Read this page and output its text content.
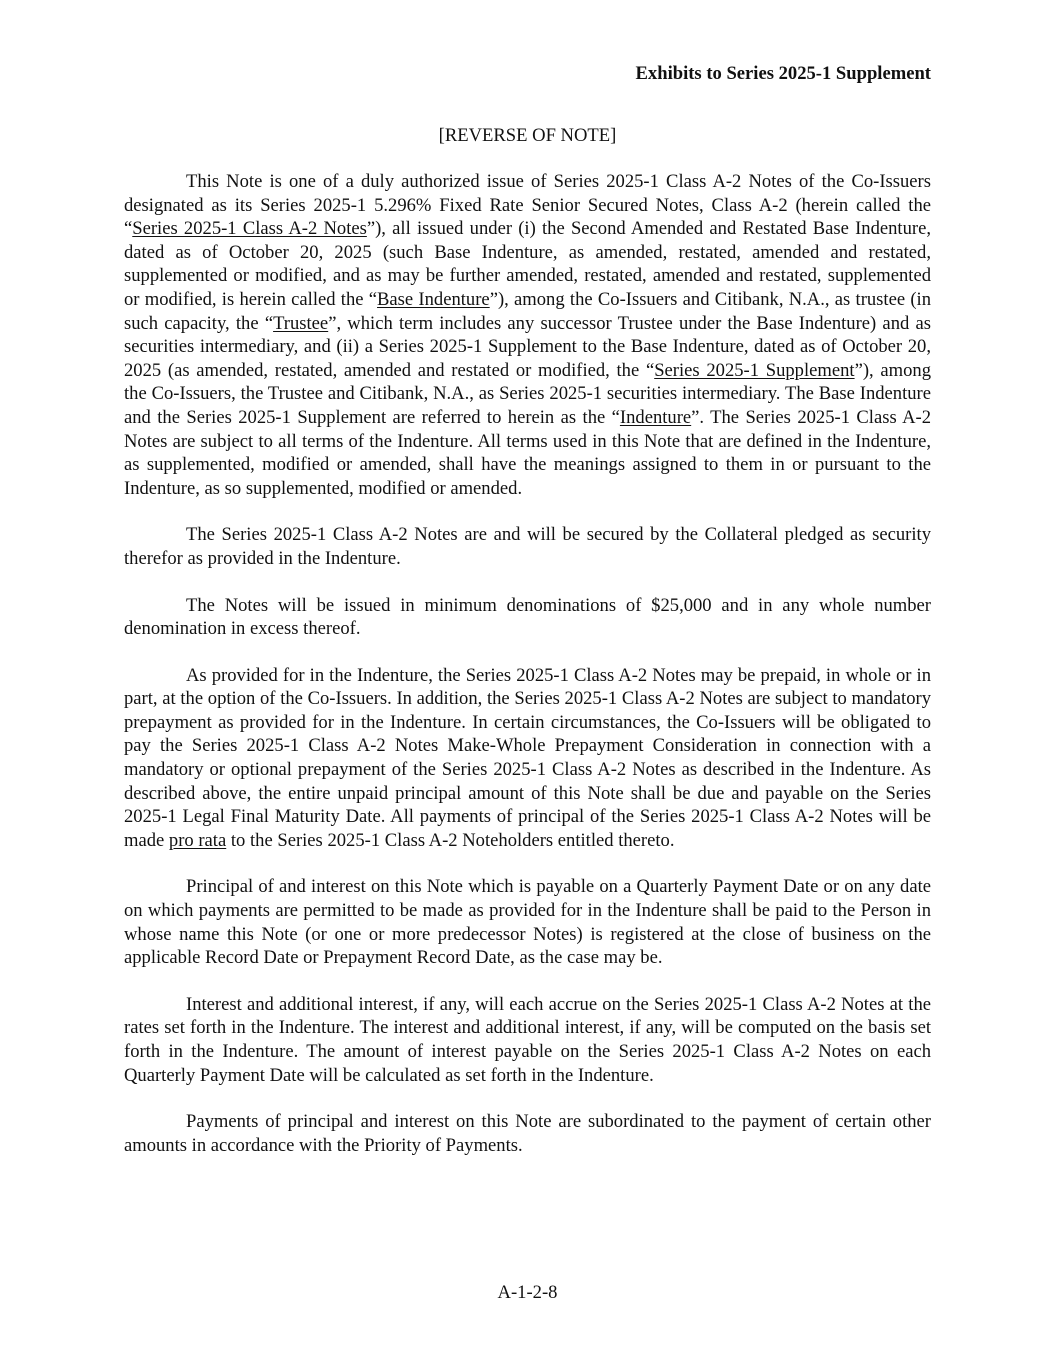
Exhibits to Series 2025-1 Supplement
[REVERSE OF NOTE]

This Note is one of a duly authorized issue of Series 2025-1 Class A-2 Notes of the Co-Issuers designated as its Series 2025-1 5.296% Fixed Rate Senior Secured Notes, Class A-2 (herein called the “Series 2025-1 Class A-2 Notes”), all issued under (i) the Second Amended and Restated Base Indenture, dated as of October 20, 2025 (such Base Indenture, as amended, restated, amended and restated, supplemented or modified, and as may be further amended, restated, amended and restated, supplemented or modified, is herein called the “Base Indenture”), among the Co-Issuers and Citibank, N.A., as trustee (in such capacity, the “Trustee”, which term includes any successor Trustee under the Base Indenture) and as securities intermediary, and (ii) a Series 2025-1 Supplement to the Base Indenture, dated as of October 20, 2025 (as amended, restated, amended and restated or modified, the “Series 2025-1 Supplement”), among the Co-Issuers, the Trustee and Citibank, N.A., as Series 2025-1 securities intermediary. The Base Indenture and the Series 2025-1 Supplement are referred to herein as the “Indenture”. The Series 2025-1 Class A-2 Notes are subject to all terms of the Indenture. All terms used in this Note that are defined in the Indenture, as supplemented, modified or amended, shall have the meanings assigned to them in or pursuant to the Indenture, as so supplemented, modified or amended.

The Series 2025-1 Class A-2 Notes are and will be secured by the Collateral pledged as security therefor as provided in the Indenture.

The Notes will be issued in minimum denominations of $25,000 and in any whole number denomination in excess thereof.

As provided for in the Indenture, the Series 2025-1 Class A-2 Notes may be prepaid, in whole or in part, at the option of the Co-Issuers. In addition, the Series 2025-1 Class A-2 Notes are subject to mandatory prepayment as provided for in the Indenture. In certain circumstances, the Co-Issuers will be obligated to pay the Series 2025-1 Class A-2 Notes Make-Whole Prepayment Consideration in connection with a mandatory or optional prepayment of the Series 2025-1 Class A-2 Notes as described in the Indenture. As described above, the entire unpaid principal amount of this Note shall be due and payable on the Series 2025-1 Legal Final Maturity Date. All payments of principal of the Series 2025-1 Class A-2 Notes will be made pro rata to the Series 2025-1 Class A-2 Noteholders entitled thereto.

Principal of and interest on this Note which is payable on a Quarterly Payment Date or on any date on which payments are permitted to be made as provided for in the Indenture shall be paid to the Person in whose name this Note (or one or more predecessor Notes) is registered at the close of business on the applicable Record Date or Prepayment Record Date, as the case may be.

Interest and additional interest, if any, will each accrue on the Series 2025-1 Class A-2 Notes at the rates set forth in the Indenture. The interest and additional interest, if any, will be computed on the basis set forth in the Indenture. The amount of interest payable on the Series 2025-1 Class A-2 Notes on each Quarterly Payment Date will be calculated as set forth in the Indenture.

Payments of principal and interest on this Note are subordinated to the payment of certain other amounts in accordance with the Priority of Payments.

A-1-2-8
